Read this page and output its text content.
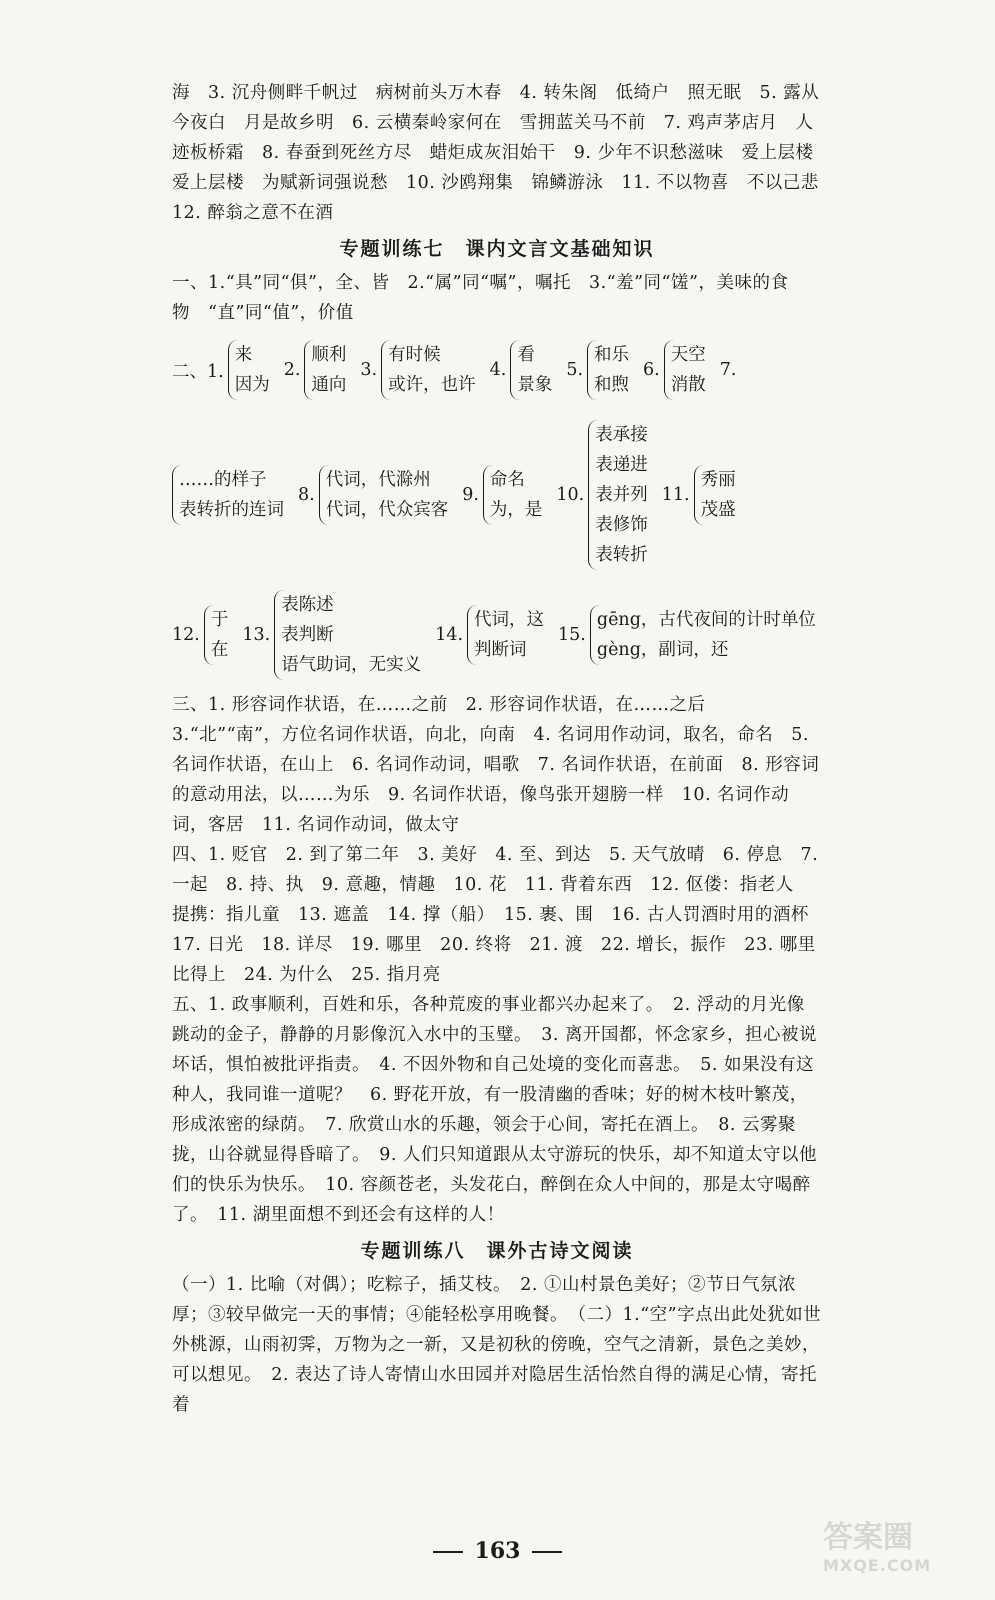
海　3. 沉舟侧畔千帆过　病树前头万木春　4. 转朱阁　低绮户　照无眠　5. 露从今夜白　月是故乡明　6. 云横秦岭家何在　雪拥蓝关马不前　7. 鸡声茅店月　人迹板桥霜　8. 春蚕到死丝方尽　蜡炬成灰泪始干　9. 少年不识愁滋味　爱上层楼　爱上层楼　为赋新词强说愁　10. 沙鸥翔集　锦鳞游泳　11. 不以物喜　不以己悲　12. 醉翁之意不在酒

专题训练七　课内文言文基础知识

一、1.“具”同“俱”，全、皆　2.“属”同“嘱”，嘱托　3.“羞”同“馐”，美味的食物　“直”同“值”，价值

二、1.
来
因为
2.
顺利
通向
3.
有时候
或许，也许
4.
看
景象
5.
和乐
和煦
6.
天空
消散
7.
……的样子
表转折的连词
8.
代词，代滁州
代词，代众宾客
9.
命名
为，是
10.
表承接
表递进
表并列
表修饰
表转折
11.
秀丽
茂盛
12.
于
在
13.
表陈述
表判断
语气助词，无实义
14.
代词，这
判断词
15.
gēng，古代夜间的计时单位
gèng，副词，还

三、1. 形容词作状语，在……之前　2. 形容词作状语，在……之后　3.“北”“南”，方位名词作状语，向北，向南　4. 名词用作动词，取名，命名　5. 名词作状语，在山上　6. 名词作动词，唱歌　7. 名词作状语，在前面　8. 形容词的意动用法，以……为乐　9. 名词作状语，像鸟张开翅膀一样　10. 名词作动词，客居　11. 名词作动词，做太守

四、1. 贬官　2. 到了第二年　3. 美好　4. 至、到达　5. 天气放晴　6. 停息　7. 一起　8. 持、执　9. 意趣，情趣　10. 花　11. 背着东西　12. 伛偻：指老人　提携：指儿童　13. 遮盖　14. 撑（船）　15. 裹、围　16. 古人罚酒时用的酒杯　17. 日光　18. 详尽　19. 哪里　20. 终将　21. 渡　22. 增长，振作　23. 哪里比得上　24. 为什么　25. 指月亮

五、1. 政事顺利，百姓和乐，各种荒废的事业都兴办起来了。　2. 浮动的月光像跳动的金子，静静的月影像沉入水中的玉璧。　3. 离开国都，怀念家乡，担心被说坏话，惧怕被批评指责。　4. 不因外物和自己处境的变化而喜悲。　5. 如果没有这种人，我同谁一道呢？　6. 野花开放，有一股清幽的香味；好的树木枝叶繁茂，形成浓密的绿荫。　7. 欣赏山水的乐趣，领会于心间，寄托在酒上。　8. 云雾聚拢，山谷就显得昏暗了。　9. 人们只知道跟从太守游玩的快乐，却不知道太守以他们的快乐为快乐。　10. 容颜苍老，头发花白，醉倒在众人中间的，那是太守喝醉了。　11. 湖里面想不到还会有这样的人！

专题训练八　课外古诗文阅读

（一）1. 比喻（对偶）；吃粽子，插艾枝。　2. ①山村景色美好；②节日气氛浓厚；③较早做完一天的事情；④能轻松享用晚餐。　（二）1.“空”字点出此处犹如世外桃源，山雨初霁，万物为之一新，又是初秋的傍晚，空气之清新，景色之美妙，可以想见。　2. 表达了诗人寄情山水田园并对隐居生活怡然自得的满足心情，寄托着

163	答案圈
MXQE.COM
